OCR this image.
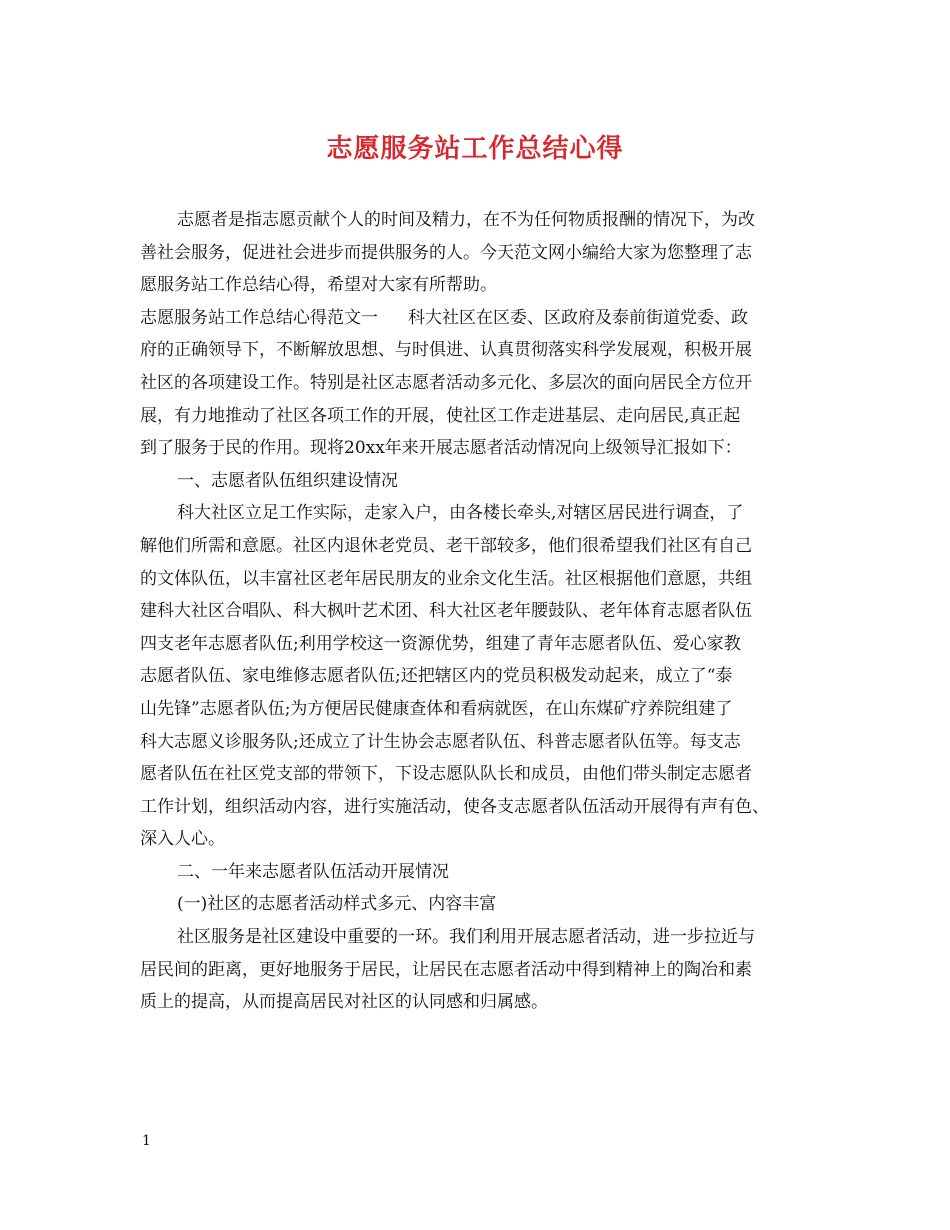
志愿服务站工作总结心得
志愿者是指志愿贡献个人的时间及精力，在不为任何物质报酬的情况下，为改
善社会服务，促进社会进步而提供服务的人。今天范文网小编给大家为您整理了志
愿服务站工作总结心得，希望对大家有所帮助。
志愿服务站工作总结心得范文一 科大社区在区委、区政府及泰前街道党委、政
府的正确领导下，不断解放思想、与时俱进、认真贯彻落实科学发展观，积极开展
社区的各项建设工作。特别是社区志愿者活动多元化、多层次的面向居民全方位开
展，有力地推动了社区各项工作的开展，使社区工作走进基层、走向居民,真正起
到了服务于民的作用。现将20xx年来开展志愿者活动情况向上级领导汇报如下：
一、志愿者队伍组织建设情况
科大社区立足工作实际，走家入户，由各楼长牵头,对辖区居民进行调查，了
解他们所需和意愿。社区内退休老党员、老干部较多，他们很希望我们社区有自己
的文体队伍，以丰富社区老年居民朋友的业余文化生活。社区根据他们意愿，共组
建科大社区合唱队、科大枫叶艺术团、科大社区老年腰鼓队、老年体育志愿者队伍
四支老年志愿者队伍;利用学校这一资源优势，组建了青年志愿者队伍、爱心家教
志愿者队伍、家电维修志愿者队伍;还把辖区内的党员积极发动起来，成立了“泰
山先锋”志愿者队伍;为方便居民健康查体和看病就医，在山东煤矿疗养院组建了
科大志愿义诊服务队;还成立了计生协会志愿者队伍、科普志愿者队伍等。每支志
愿者队伍在社区党支部的带领下，下设志愿队队长和成员，由他们带头制定志愿者
工作计划，组织活动内容，进行实施活动，使各支志愿者队伍活动开展得有声有色、
深入人心。
二、一年来志愿者队伍活动开展情况
(一)社区的志愿者活动样式多元、内容丰富
社区服务是社区建设中重要的一环。我们利用开展志愿者活动，进一步拉近与
居民间的距离，更好地服务于居民，让居民在志愿者活动中得到精神上的陶冶和素
质上的提高，从而提高居民对社区的认同感和归属感。
1
